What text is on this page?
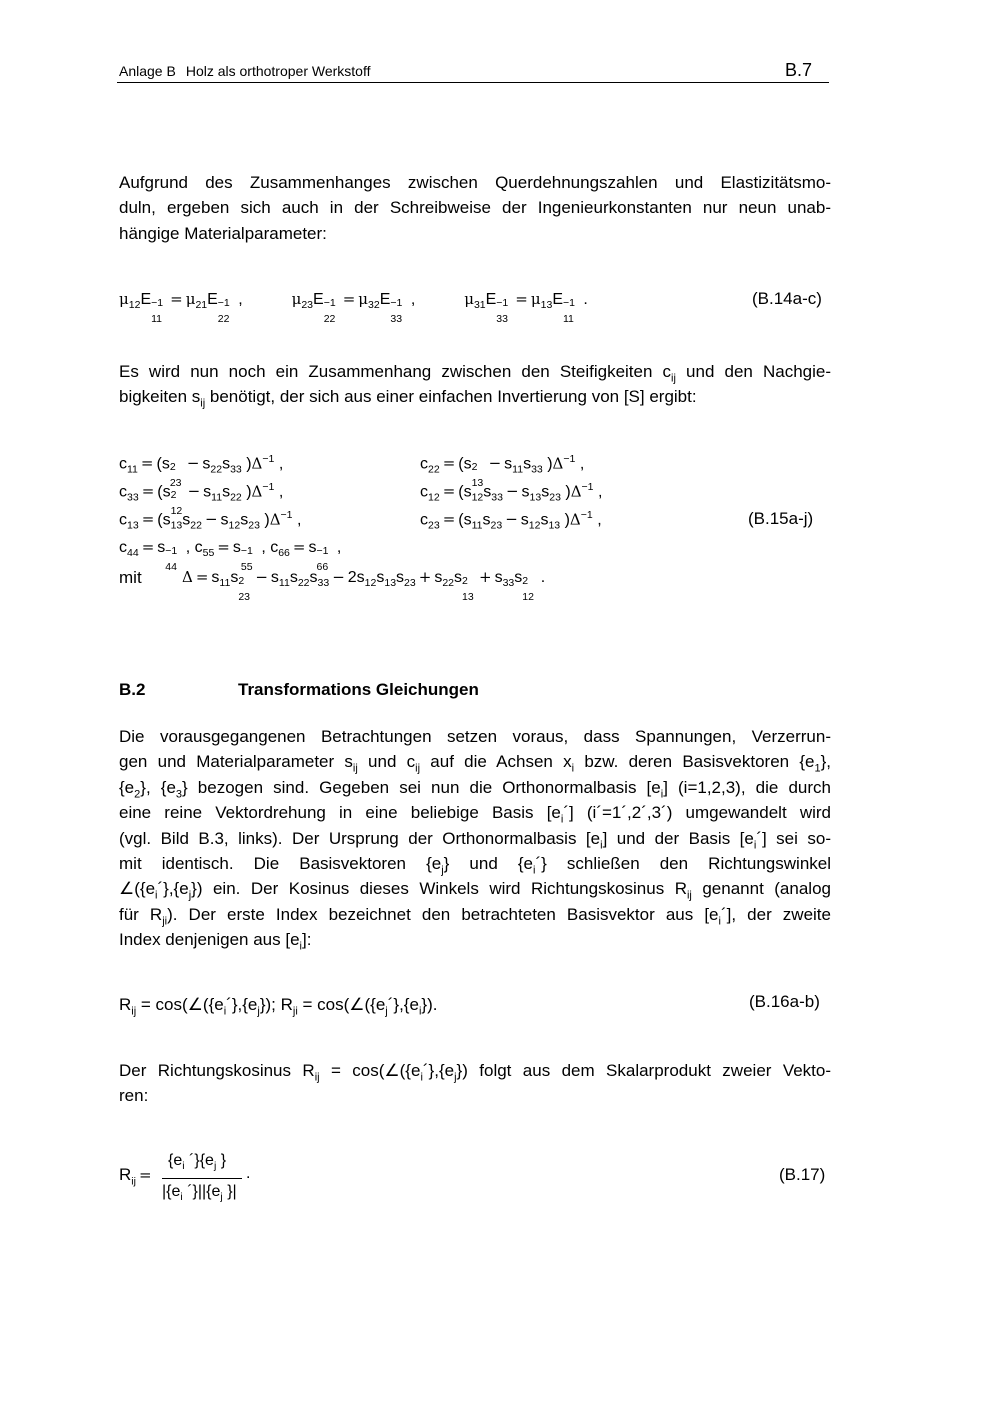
Anlage B Holz als orthotroper Werkstoff	B.7
Aufgrund des Zusammenhanges zwischen Querdehnungszahlen und Elastizitätsmo-
duln, ergeben sich auch in der Schreibweise der Ingenieurkonstanten nur neun unab-
hängige Materialparameter:
$\mu_{12}E -1$
11
= $\mu_{21}E -1$
22
,	$\mu_{23}E -1$
22
= $\mu_{32}E -1$
33
,	$\mu_{31}E -1$
33
= $\mu_{13}E -1$
11
.	(B.14a-c)
Es wird nun noch ein Zusammenhang zwischen den Steifigkeiten $c_{ij}$ und den Nachgie-
bigkeiten $s_{ij}$ benötigt, der sich aus einer einfachen Invertierung von [S] ergibt:
$c_{11} = (s$ 2
23
− $s_{22}s_{33}$ )$\Delta^{-1}$ ,	$c_{22} = (s$ 2
13
− $s_{11}s_{33}$ )$\Delta^{-1}$ ,
$c_{33} = (s$ 2
12
− $s_{11}s_{22}$ )$\Delta^{-1}$ ,	$c_{12} = (s_{12}s_{33} - s_{13}s_{23}$ )$\Delta^{-1}$ ,
$c_{13} = (s_{13}s_{22} - s_{12}s_{23}$ )$\Delta^{-1}$ ,	$c_{23} = (s_{11}s_{23} - s_{12}s_{13}$ )$\Delta^{-1}$ ,	(B.15a-j)
$c_{44} = s -1$
44
, $c_{55} = s -1$
55
, $c_{66} = s -1$
66
,
mit	$\Delta = s_{11}s$ 2
23
− $s_{11}s_{22}s_{33} - 2s_{12}s_{13}s_{23} + s_{22}s$ 2
13
+ $s_{33}s$ 2
12
.
B.2	Transformations Gleichungen
Die vorausgegangenen Betrachtungen setzen voraus, dass Spannungen, Verzerrun-
gen und Materialparameter $s_{ij}$ und $c_{ij}$ auf die Achsen $x_i$ bzw. deren Basisvektoren $\{e_1\}$,
$\{e_2\}$, $\{e_3\}$ bezogen sind. Gegeben sei nun die Orthonormalbasis $[e_i]$ (i=1,2,3), die durch
eine reine Vektordrehung in eine beliebige Basis $[e_i´]$ (i´=1´,2´,3´) umgewandelt wird
(vgl. Bild B.3, links). Der Ursprung der Orthonormalbasis $[e_i]$ und der Basis $[e_i´]$ sei so-
mit identisch. Die Basisvektoren $\{e_j\}$ und $\{e_i´\}$ schließen den Richtungswinkel
$\angle(\{e_i´\},\{e_j\})$ ein. Der Kosinus dieses Winkels wird Richtungskosinus $R_{ij}$ genannt (analog
für $R_{ji}$). Der erste Index bezeichnet den betrachteten Basisvektor aus $[e_i´]$, der zweite
Index denjenigen aus $[e_i]$:
$R_{ij}$ = $\cos(\angle(\{e_i´\},\{e_j\})$; $R_{ji}$ = $\cos(\angle(\{e_j´\},\{e_i\})$.	(B.16a-b)
Der Richtungskosinus $R_{ij}$ = $\cos(\angle(\{e_i´\},\{e_j\})$ folgt aus dem Skalarprodukt zweier Vekto-
ren:
$R_{ij}$ =
{$e_i$ $´\}\{e_j$ }
$|\{e_i$ $´\}||\{e_j$ }|
.	(B.17)
